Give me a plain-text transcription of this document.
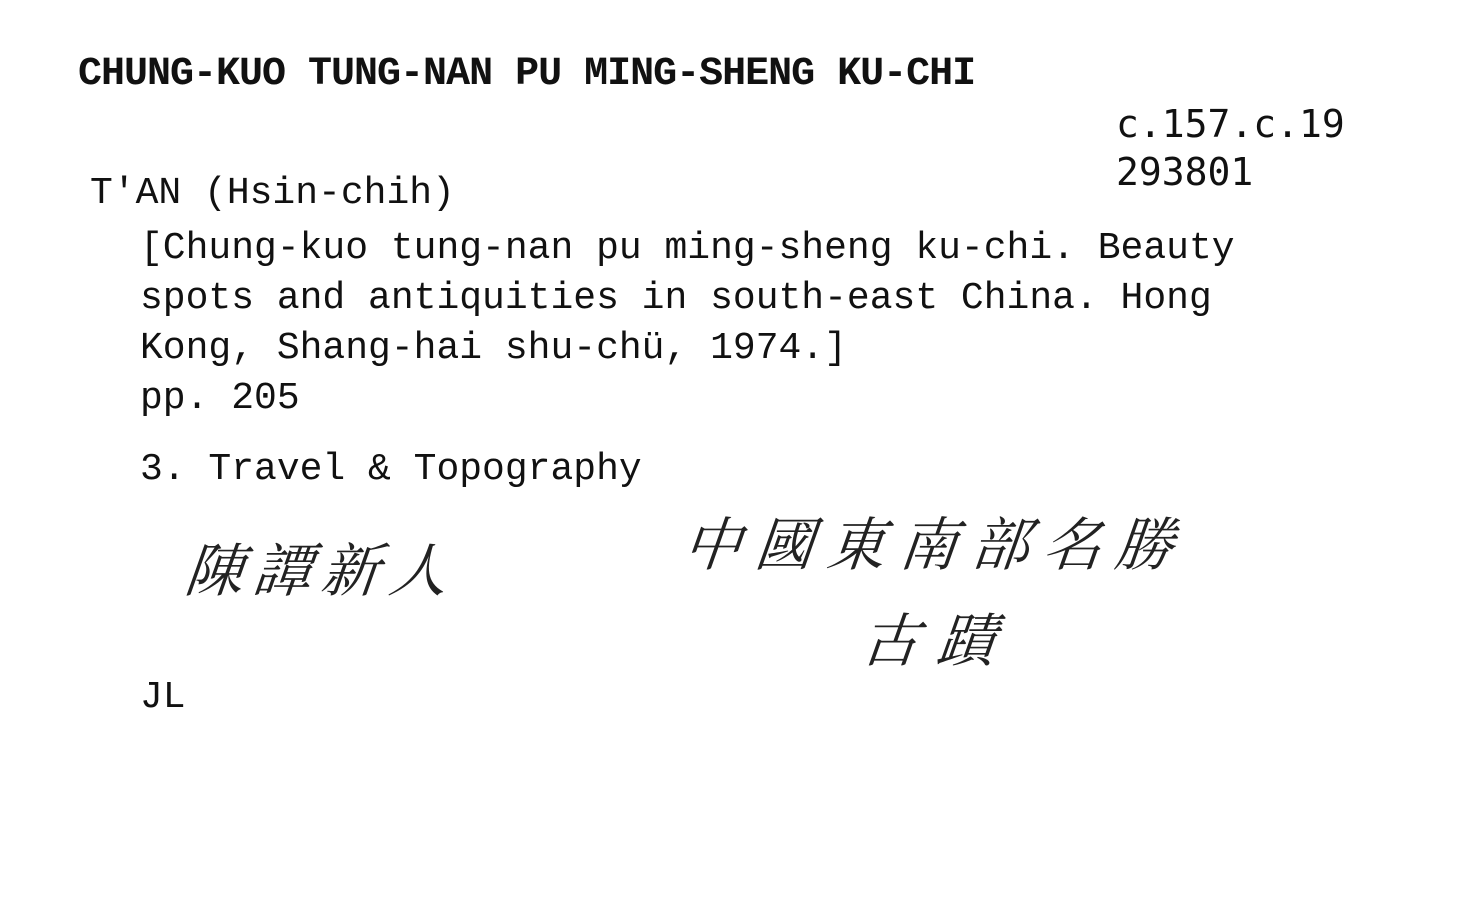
CHUNG-KUO TUNG-NAN PU MING-SHENG KU-CHI
c.157.c.19
293801
T'AN (Hsin-chih)
[Chung-kuo tung-nan pu ming-sheng ku-chi. Beauty
spots and antiquities in south-east China. Hong
Kong, Shang-hai shu-chü, 1974.]
pp. 205
3. Travel & Topography
陳譚新人	中國東南部名勝
古蹟
JL
